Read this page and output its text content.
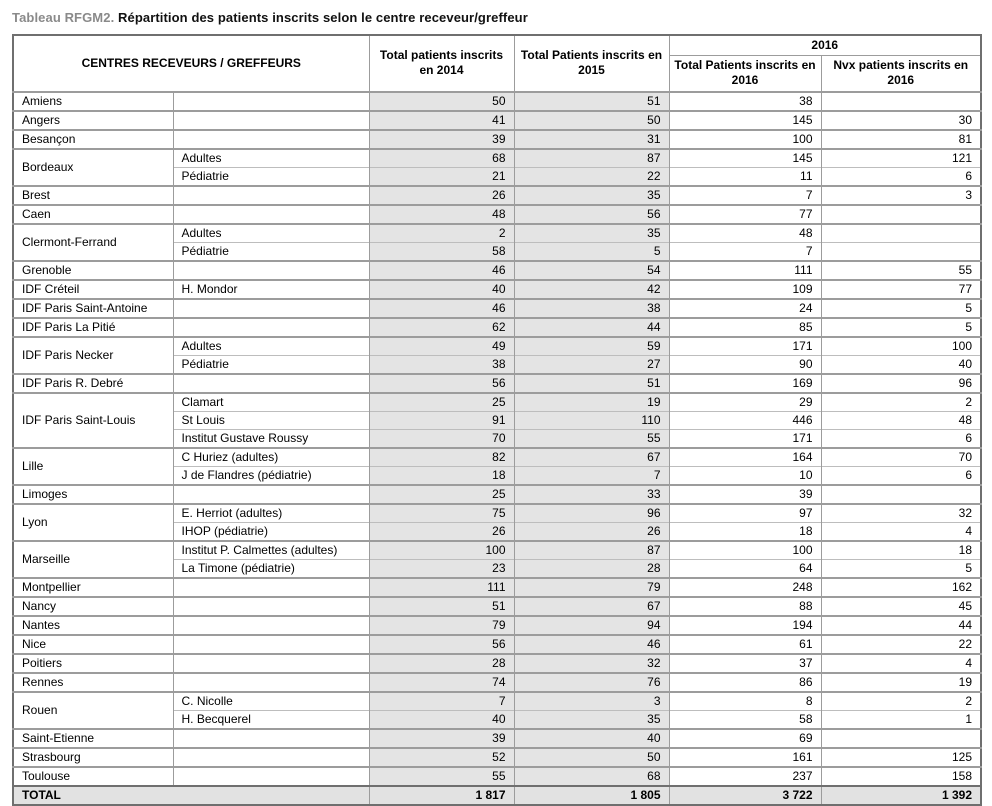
Tableau RFGM2. Répartition des patients inscrits selon le centre receveur/greffeur
CENTRES RECEVEURS / GREFFEURS		Total patients inscrits en 2014	Total Patients inscrits en 2015	2016	
				Total Patients inscrits en 2016	Nvx patients inscrits en 2016
Amiens		50	51	38	
Angers		41	50	145	30
Besançon		39	31	100	81
Bordeaux	Adultes	68	87	145	121
	Pédiatrie	21	22	11	6
Brest		26	35	7	3
Caen		48	56	77	
Clermont-Ferrand	Adultes	2	35	48	
	Pédiatrie	58	5	7	
Grenoble		46	54	111	55
IDF Créteil	H. Mondor	40	42	109	77
IDF Paris Saint-Antoine		46	38	24	5
IDF Paris La Pitié		62	44	85	5
IDF Paris Necker	Adultes	49	59	171	100
	Pédiatrie	38	27	90	40
IDF Paris R. Debré		56	51	169	96
IDF Paris Saint-Louis	Clamart	25	19	29	2
	St Louis	91	110	446	48
	Institut Gustave Roussy	70	55	171	6
Lille	C Huriez (adultes)	82	67	164	70
	J de Flandres (pédiatrie)	18	7	10	6
Limoges		25	33	39	
Lyon	E. Herriot (adultes)	75	96	97	32
	IHOP (pédiatrie)	26	26	18	4
Marseille	Institut P. Calmettes (adultes)	100	87	100	18
	La Timone (pédiatrie)	23	28	64	5
Montpellier		111	79	248	162
Nancy		51	67	88	45
Nantes		79	94	194	44
Nice		56	46	61	22
Poitiers		28	32	37	4
Rennes		74	76	86	19
Rouen	C. Nicolle	7	3	8	2
	H. Becquerel	40	35	58	1
Saint-Etienne		39	40	69	
Strasbourg		52	50	161	125
Toulouse		55	68	237	158
TOTAL		1 817	1 805	3 722	1 392
